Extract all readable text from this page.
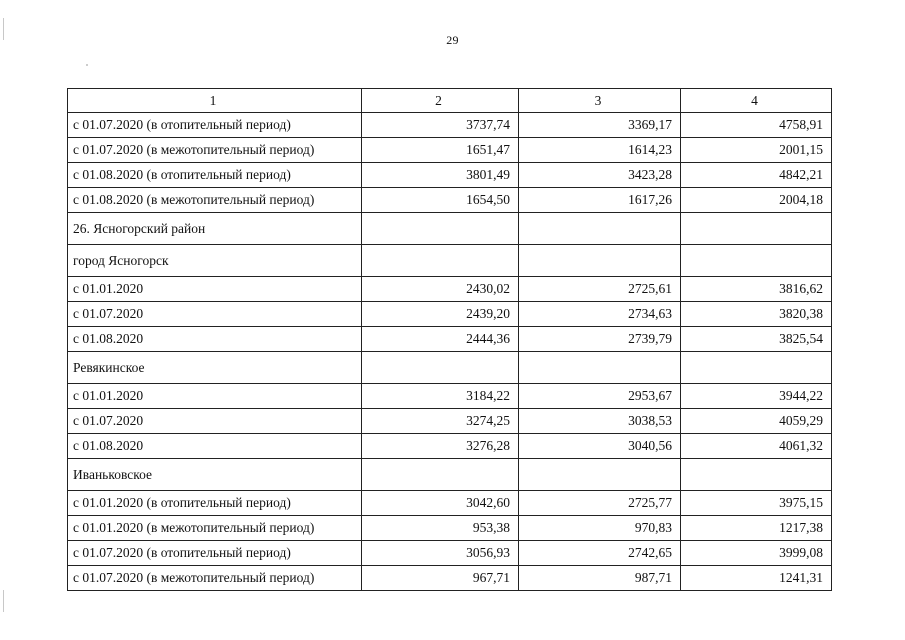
29
1	2	3	4
с 01.07.2020 (в отопительный период)	3737,74	3369,17	4758,91
с 01.07.2020 (в межотопительный период)	1651,47	1614,23	2001,15
с 01.08.2020 (в отопительный период)	3801,49	3423,28	4842,21
с 01.08.2020 (в межотопительный период)	1654,50	1617,26	2004,18
26. Ясногорский район			
город Ясногорск			
с 01.01.2020	2430,02	2725,61	3816,62
с 01.07.2020	2439,20	2734,63	3820,38
с 01.08.2020	2444,36	2739,79	3825,54
Ревякинское			
с 01.01.2020	3184,22	2953,67	3944,22
с 01.07.2020	3274,25	3038,53	4059,29
с 01.08.2020	3276,28	3040,56	4061,32
Иваньковское			
с 01.01.2020 (в отопительный период)	3042,60	2725,77	3975,15
с 01.01.2020 (в межотопительный период)	953,38	970,83	1217,38
с 01.07.2020 (в отопительный период)	3056,93	2742,65	3999,08
с 01.07.2020 (в межотопительный период)	967,71	987,71	1241,31
